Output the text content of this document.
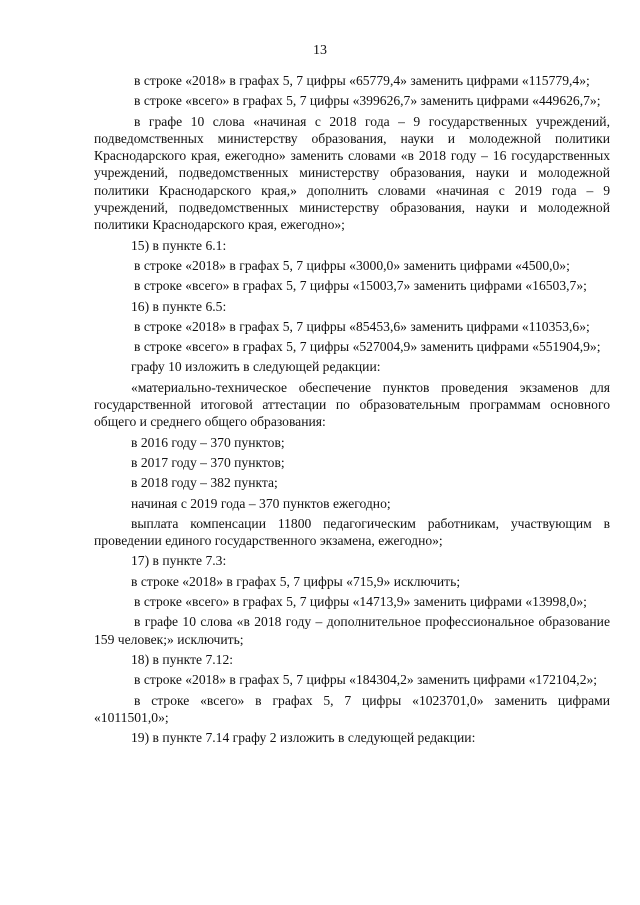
13

в строке «2018» в графах 5, 7 цифры «65779,4» заменить цифрами «115779,4»;

в строке «всего» в графах 5, 7 цифры «399626,7» заменить цифрами «449626,7»;

в графе 10 слова «начиная с 2018 года – 9 государственных учреждений, подведомственных министерству образования, науки и молодежной политики Краснодарского края, ежегодно» заменить словами «в 2018 году – 16 государственных учреждений, подведомственных министерству образования, науки и молодежной политики Краснодарского края,» дополнить словами «начиная с 2019 года – 9 учреждений, подведомственных министерству образования, науки и молодежной политики Краснодарского края, ежегодно»;

15) в пункте 6.1:

в строке «2018» в графах 5, 7 цифры «3000,0» заменить цифрами «4500,0»;

в строке «всего» в графах 5, 7 цифры «15003,7» заменить цифрами «16503,7»;

16) в пункте 6.5:

в строке «2018» в графах 5, 7 цифры «85453,6» заменить цифрами «110353,6»;

в строке «всего» в графах 5, 7 цифры «527004,9» заменить цифрами «551904,9»;

графу 10 изложить в следующей редакции:

«материально-техническое обеспечение пунктов проведения экзаменов для государственной итоговой аттестации по образовательным программам основного общего и среднего общего образования:

в 2016 году – 370 пунктов;

в 2017 году – 370 пунктов;

в 2018 году – 382 пункта;

начиная с 2019 года – 370 пунктов ежегодно;

выплата компенсации 11800 педагогическим работникам, участвующим в проведении единого государственного экзамена, ежегодно»;

17) в пункте 7.3:

в строке «2018» в графах 5, 7 цифры «715,9» исключить;

в строке «всего» в графах 5, 7 цифры «14713,9» заменить цифрами «13998,0»;

в графе 10 слова «в 2018 году – дополнительное профессиональное образование 159 человек;» исключить;

18) в пункте 7.12:

в строке «2018» в графах 5, 7 цифры «184304,2» заменить цифрами «172104,2»;

в строке «всего» в графах 5, 7 цифры «1023701,0» заменить цифрами «1011501,0»;

19) в пункте 7.14 графу 2 изложить в следующей редакции:
